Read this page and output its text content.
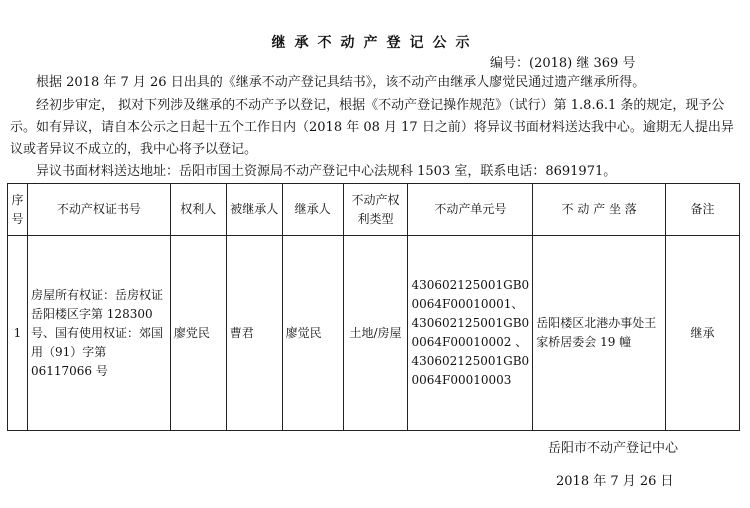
继承不动产登记公示
编号：(2018) 继 369 号
根据 2018 年 7 月 26 日出具的《继承不动产登记具结书》，该不动产由继承人廖觉民通过遗产继承所得。
经初步审定， 拟对下列涉及继承的不动产予以登记，根据《不动产登记操作规范》（试行）第 1.8.6.1 条的规定，现予公示。如有异议，请自本公示之日起十五个工作日内（2018 年 08 月 17 日之前）将异议书面材料送达我中心。逾期无人提出异议或者异议不成立的，我中心将予以登记。
异议书面材料送达地址：岳阳市国土资源局不动产登记中心法规科 1503 室，联系电话：8691971。
序号	不动产权证书号	权利人	被继承人	继承人	不动产权利类型	不动产单元号	不 动 产 坐 落	备注
1	房屋所有权证：岳房权证岳阳楼区字第 128300 号、国有使用权证：郊国用（91）字第 06117066 号	廖党民	曹君	廖觉民	土地/房屋	430602125001GB00064F00010001、430602125001GB00064F00010002 、430602125001GB00064F00010003	岳阳楼区北港办事处王家桥居委会 19 幢	继承
岳阳市不动产登记中心
2018 年 7 月 26 日
